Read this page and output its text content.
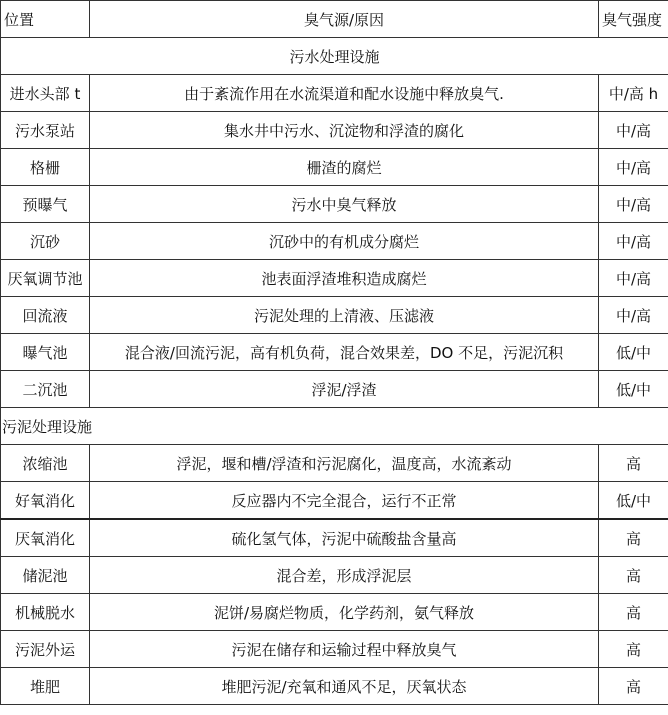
位置	臭气源/原因	臭气强度
污水处理设施		
进水头部 t	由于紊流作用在水流渠道和配水设施中释放臭气.	中/高 h
污水泵站	集水井中污水、沉淀物和浮渣的腐化	中/高
格栅	栅渣的腐烂	中/高
预曝气	污水中臭气释放	中/高
沉砂	沉砂中的有机成分腐烂	中/高
厌氧调节池	池表面浮渣堆积造成腐烂	中/高
回流液	污泥处理的上清液、压滤液	中/高
曝气池	混合液/回流污泥，高有机负荷，混合效果差，DO 不足，污泥沉积	低/中
二沉池	浮泥/浮渣	低/中
污泥处理设施		
浓缩池	浮泥，堰和槽/浮渣和污泥腐化，温度高，水流紊动	高
好氧消化	反应器内不完全混合，运行不正常	低/中
厌氧消化	硫化氢气体，污泥中硫酸盐含量高	高
储泥池	混合差，形成浮泥层	高
机械脱水	泥饼/易腐烂物质，化学药剂，氨气释放	高
污泥外运	污泥在储存和运输过程中释放臭气	高
堆肥	堆肥污泥/充氧和通风不足，厌氧状态	高
